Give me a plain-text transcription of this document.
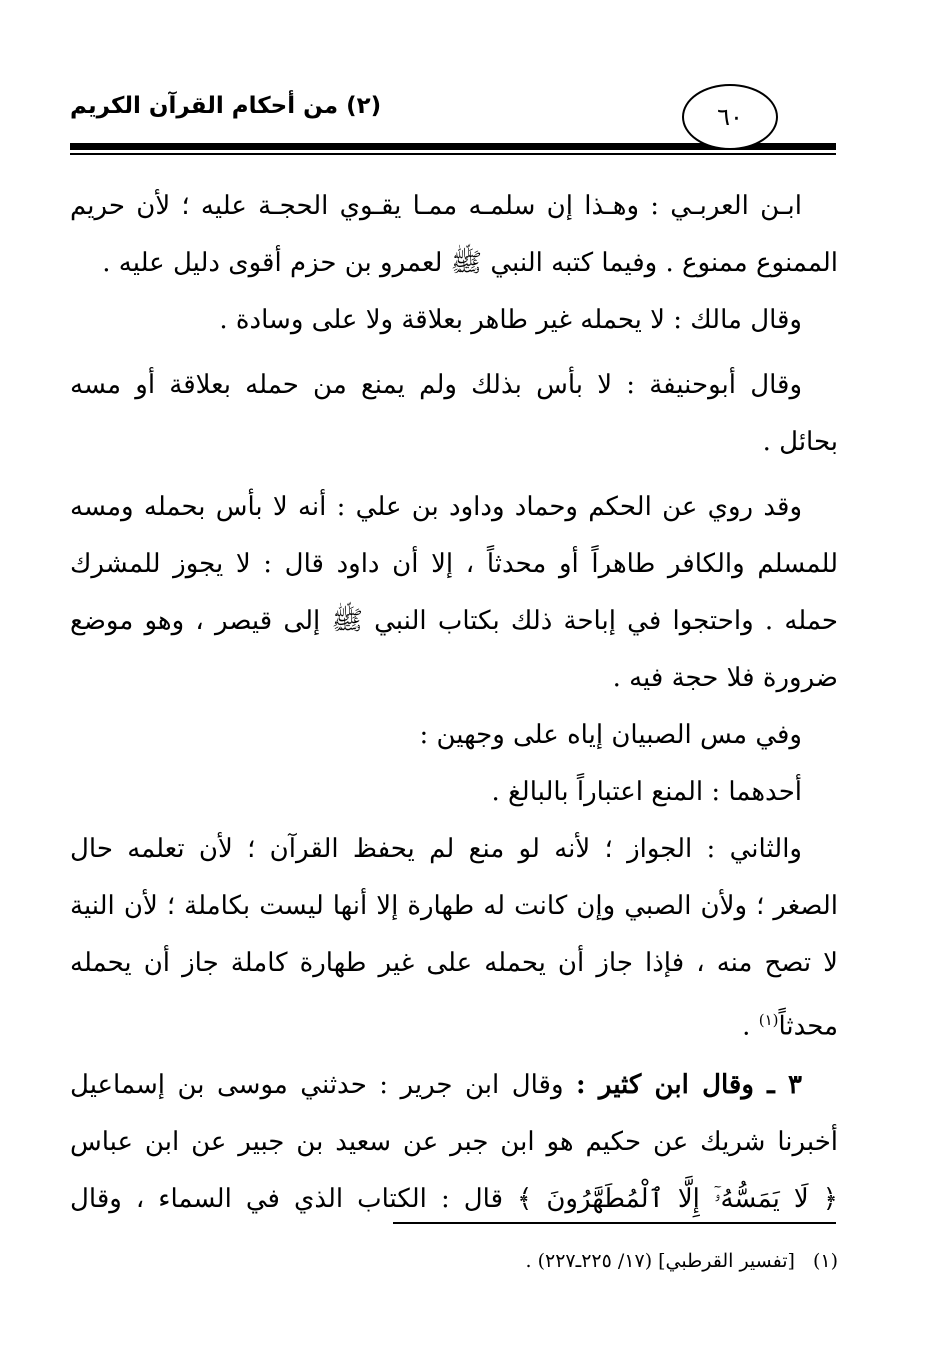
(٢) من أحكام القرآن الكريم	٦٠
ابـن العربـي : وهـذا إن سلمـه ممـا يقـوي الحجـة عليه ؛ لأن حريم
الممنوع ممنوع . وفيما كتبه النبي ﷺ لعمرو بن حزم أقوى دليل عليه .
وقال مالك : لا يحمله غير طاهر بعلاقة ولا على وسادة .
وقال أبوحنيفة : لا بأس بذلك ولم يمنع من حمله بعلاقة أو مسه
بحائل .
وقد روي عن الحكم وحماد وداود بن علي : أنه لا بأس بحمله ومسه
للمسلم والكافر طاهراً أو محدثاً ، إلا أن داود قال : لا يجوز للمشرك
حمله . واحتجوا في إباحة ذلك بكتاب النبي ﷺ إلى قيصر ، وهو موضع
ضرورة فلا حجة فيه .
وفي مس الصبيان إياه على وجهين :
أحدهما : المنع اعتباراً بالبالغ .
والثاني : الجواز ؛ لأنه لو منع لم يحفظ القرآن ؛ لأن تعلمه حال
الصغر ؛ ولأن الصبي وإن كانت له طهارة إلا أنها ليست بكاملة ؛ لأن النية
لا تصح منه ، فإذا جاز أن يحمله على غير طهارة كاملة جاز أن يحمله
محدثاً$^{(١)}$ .
٣ ـ وقال ابن كثير : وقال ابن جرير : حدثني موسى بن إسماعيل
أخبرنا شريك عن حكيم هو ابن جبر عن سعيد بن جبير عن ابن عباس
﴿ لَا يَمَسُّهُۥٓ إِلَّا ٱلْمُطَهَّرُونَ ﴾ قال : الكتاب الذي في السماء ، وقال
(١)[تفسير القرطبي] (١٧/ ٢٢٥ـ٢٢٧) .
